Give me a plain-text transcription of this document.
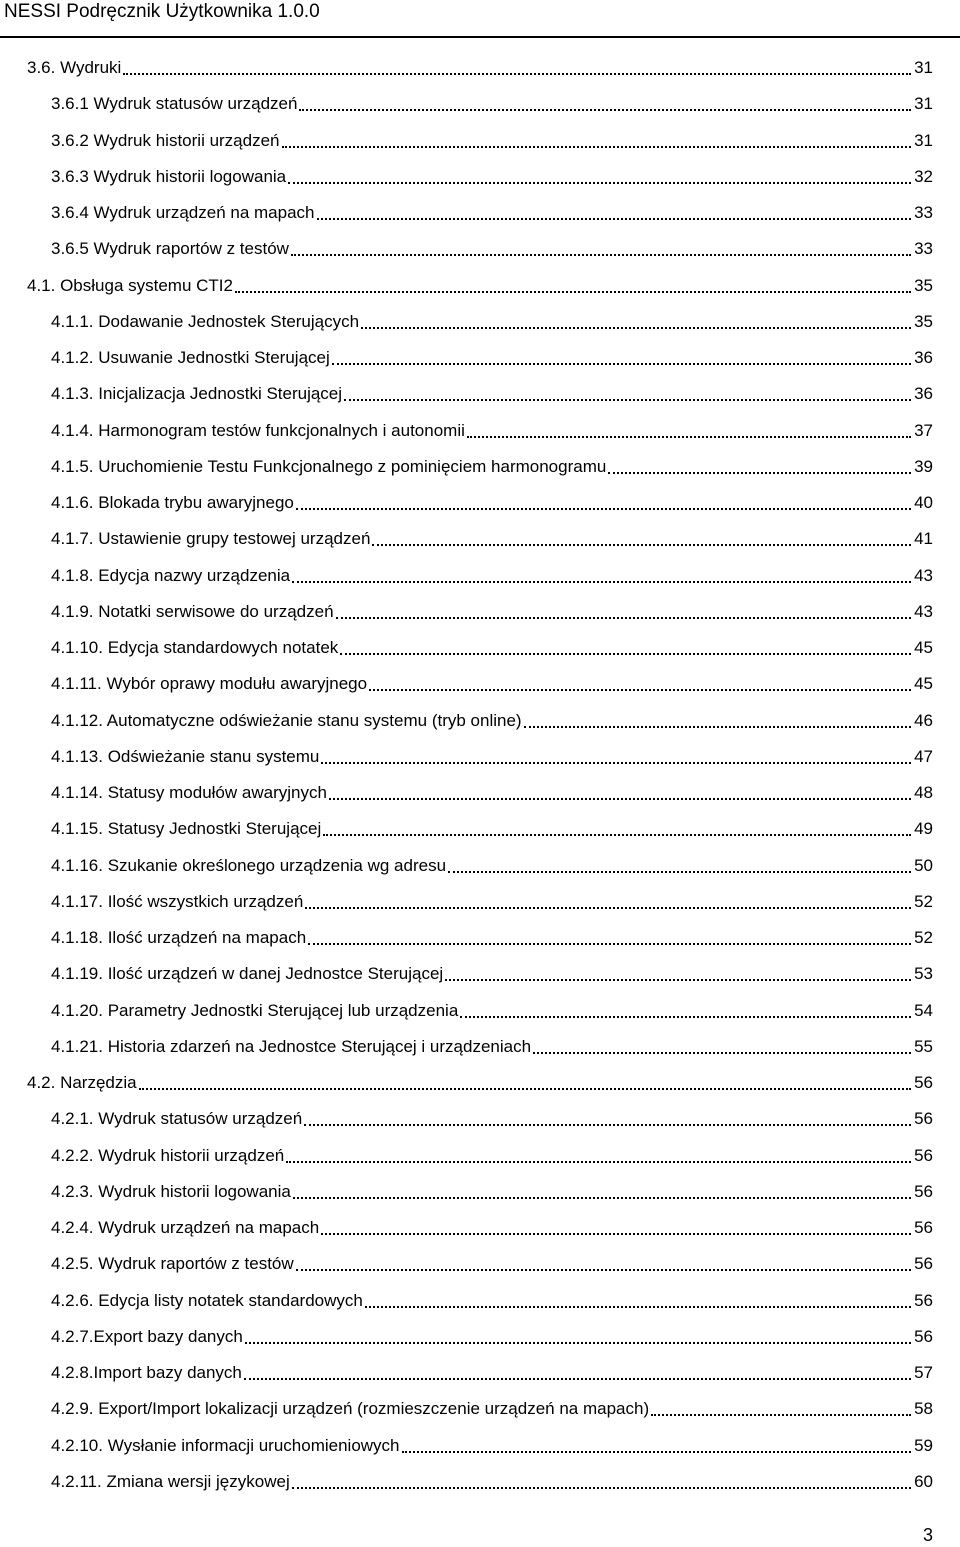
NESSI Podręcznik Użytkownika 1.0.0
3.6. Wydruki	31
3.6.1 Wydruk statusów urządzeń	31
3.6.2 Wydruk historii urządzeń	31
3.6.3 Wydruk historii logowania	32
3.6.4 Wydruk urządzeń na mapach	33
3.6.5 Wydruk raportów z testów	33
4.1. Obsługa systemu CTI2	35
4.1.1. Dodawanie Jednostek Sterujących	35
4.1.2. Usuwanie Jednostki Sterującej	36
4.1.3. Inicjalizacja Jednostki Sterującej	36
4.1.4. Harmonogram testów funkcjonalnych i autonomii	37
4.1.5. Uruchomienie Testu Funkcjonalnego z pominięciem harmonogramu	39
4.1.6. Blokada trybu awaryjnego	40
4.1.7. Ustawienie grupy testowej urządzeń	41
4.1.8. Edycja nazwy urządzenia	43
4.1.9. Notatki serwisowe do urządzeń	43
4.1.10. Edycja standardowych notatek	45
4.1.11. Wybór oprawy modułu awaryjnego	45
4.1.12. Automatyczne odświeżanie stanu systemu (tryb online)	46
4.1.13. Odświeżanie stanu systemu	47
4.1.14. Statusy modułów awaryjnych	48
4.1.15. Statusy Jednostki Sterującej	49
4.1.16. Szukanie określonego urządzenia wg adresu	50
4.1.17. Ilość wszystkich urządzeń	52
4.1.18. Ilość urządzeń na mapach	52
4.1.19. Ilość urządzeń w danej Jednostce Sterującej	53
4.1.20. Parametry Jednostki Sterującej lub urządzenia	54
4.1.21. Historia zdarzeń na Jednostce Sterującej i urządzeniach	55
4.2. Narzędzia	56
4.2.1. Wydruk statusów urządzeń	56
4.2.2. Wydruk historii urządzeń	56
4.2.3. Wydruk historii logowania	56
4.2.4. Wydruk urządzeń na mapach	56
4.2.5. Wydruk raportów z testów	56
4.2.6. Edycja listy notatek standardowych	56
4.2.7.Export bazy danych	56
4.2.8.Import bazy danych	57
4.2.9. Export/Import lokalizacji urządzeń (rozmieszczenie urządzeń na mapach)	58
4.2.10. Wysłanie informacji uruchomieniowych	59
4.2.11. Zmiana wersji językowej	60
3
